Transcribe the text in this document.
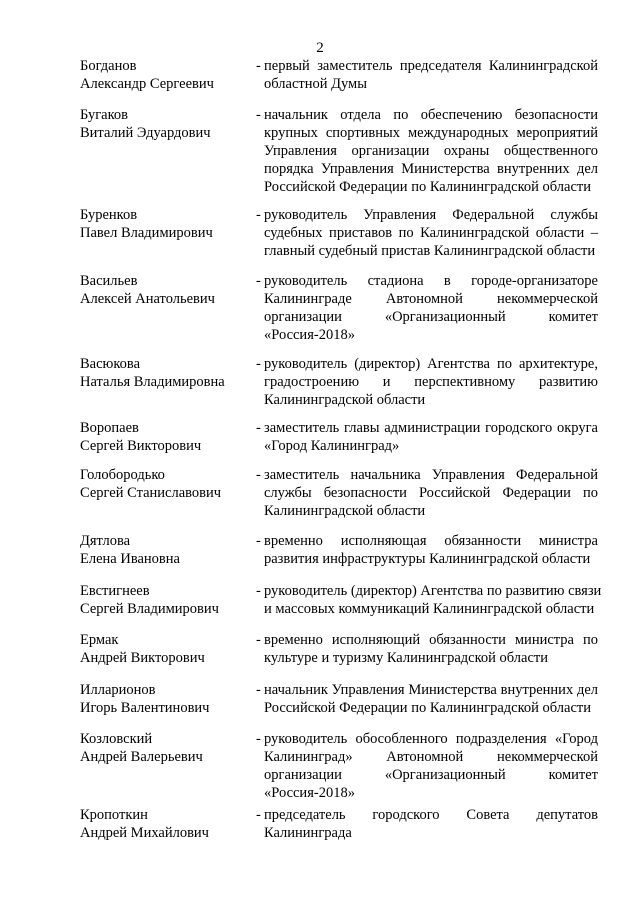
2
Богданов
Александр Сергеевич
- первый заместитель председателя Калининградской
областной Думы
Бугаков
Виталий Эдуардович
- начальник отдела по обеспечению безопасности
крупных спортивных международных мероприятий
Управления организации охраны общественного
порядка Управления Министерства внутренних дел
Российской Федерации по Калининградской области
Буренков
Павел Владимирович
- руководитель Управления Федеральной службы
судебных приставов по Калининградской области –
главный судебный пристав Калининградской области
Васильев
Алексей Анатольевич
- руководитель стадиона в городе-организаторе
Калининграде Автономной некоммерческой
организации «Организационный комитет
«Россия-2018»
Васюкова
Наталья Владимировна
- руководитель (директор) Агентства по архитектуре,
градостроению и перспективному развитию
Калининградской области
Воропаев
Сергей Викторович
- заместитель главы администрации городского округа
«Город Калининград»
Голобородько
Сергей Станиславович
- заместитель начальника Управления Федеральной
службы безопасности Российской Федерации по
Калининградской области
Дятлова
Елена Ивановна
- временно исполняющая обязанности министра
развития инфраструктуры Калининградской области
Евстигнеев
Сергей Владимирович
- руководитель (директор) Агентства по развитию связи
и массовых коммуникаций Калининградской области
Ермак
Андрей Викторович
- временно исполняющий обязанности министра по
культуре и туризму Калининградской области
Илларионов
Игорь Валентинович
- начальник Управления Министерства внутренних дел
Российской Федерации по Калининградской области
Козловский
Андрей Валерьевич
- руководитель обособленного подразделения «Город
Калининград» Автономной некоммерческой
организации «Организационный комитет
«Россия-2018»
Кропоткин
Андрей Михайлович
- председатель городского Совета депутатов
Калининграда
